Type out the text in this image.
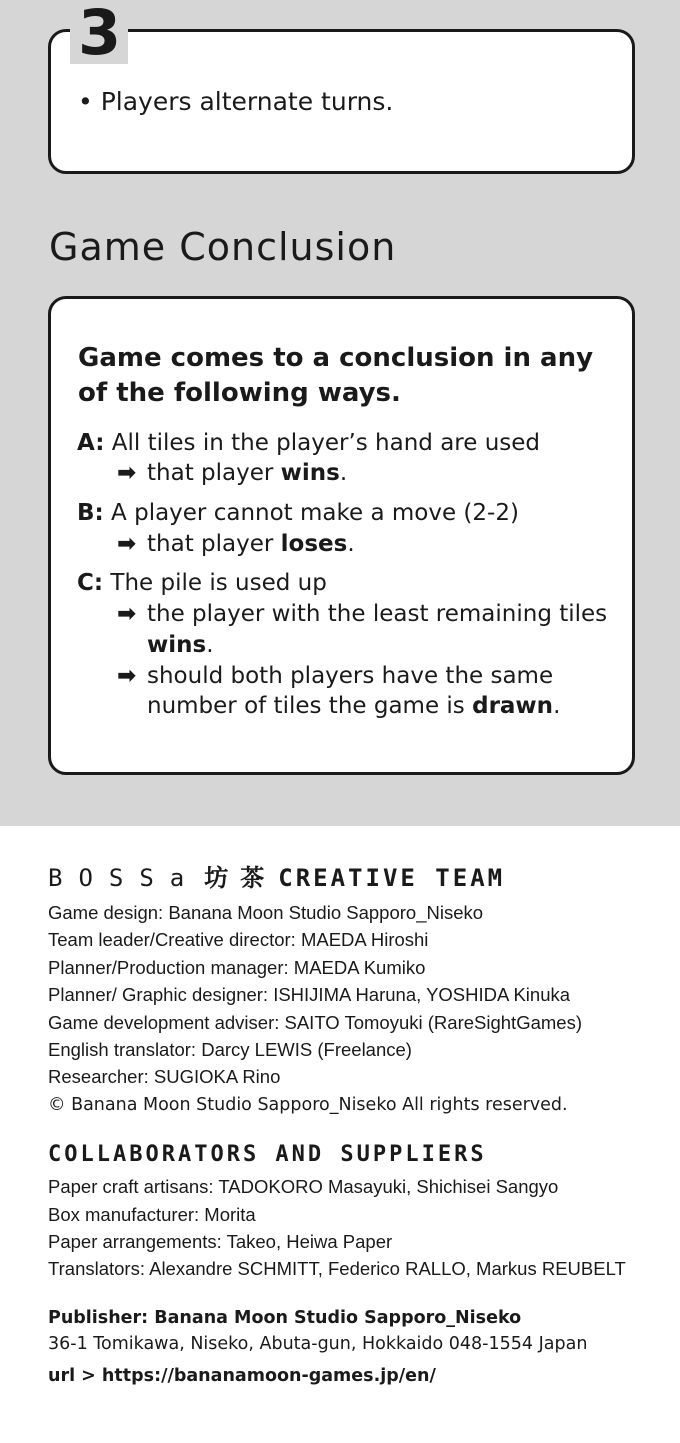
3
• Players alternate turns.
Game Conclusion
Game comes to a conclusion in any of the following ways.
A: All tiles in the player’s hand are used
➡ that player wins.
B: A player cannot make a move (2-2)
➡ that player loses.
C: The pile is used up
➡ the player with the least remaining tiles
wins.
➡ should both players have the same
number of tiles the game is drawn.
BOSSa 坊茶CREATIVE TEAM
Game design: Banana Moon Studio Sapporo_Niseko
Team leader/Creative director: MAEDA Hiroshi
Planner/Production manager: MAEDA Kumiko
Planner/ Graphic designer: ISHIJIMA Haruna, YOSHIDA Kinuka
Game development adviser: SAITO Tomoyuki (RareSightGames)
English translator: Darcy LEWIS (Freelance)
Researcher: SUGIOKA Rino
© Banana Moon Studio Sapporo_Niseko All rights reserved.
COLLABORATORS AND SUPPLIERS
Paper craft artisans: TADOKORO Masayuki, Shichisei Sangyo
Box manufacturer: Morita
Paper arrangements: Takeo, Heiwa Paper
Translators: Alexandre SCHMITT, Federico RALLO, Markus REUBELT
Publisher: Banana Moon Studio Sapporo_Niseko
36-1 Tomikawa, Niseko, Abuta-gun, Hokkaido 048-1554 Japan
url > https://bananamoon-games.jp/en/
